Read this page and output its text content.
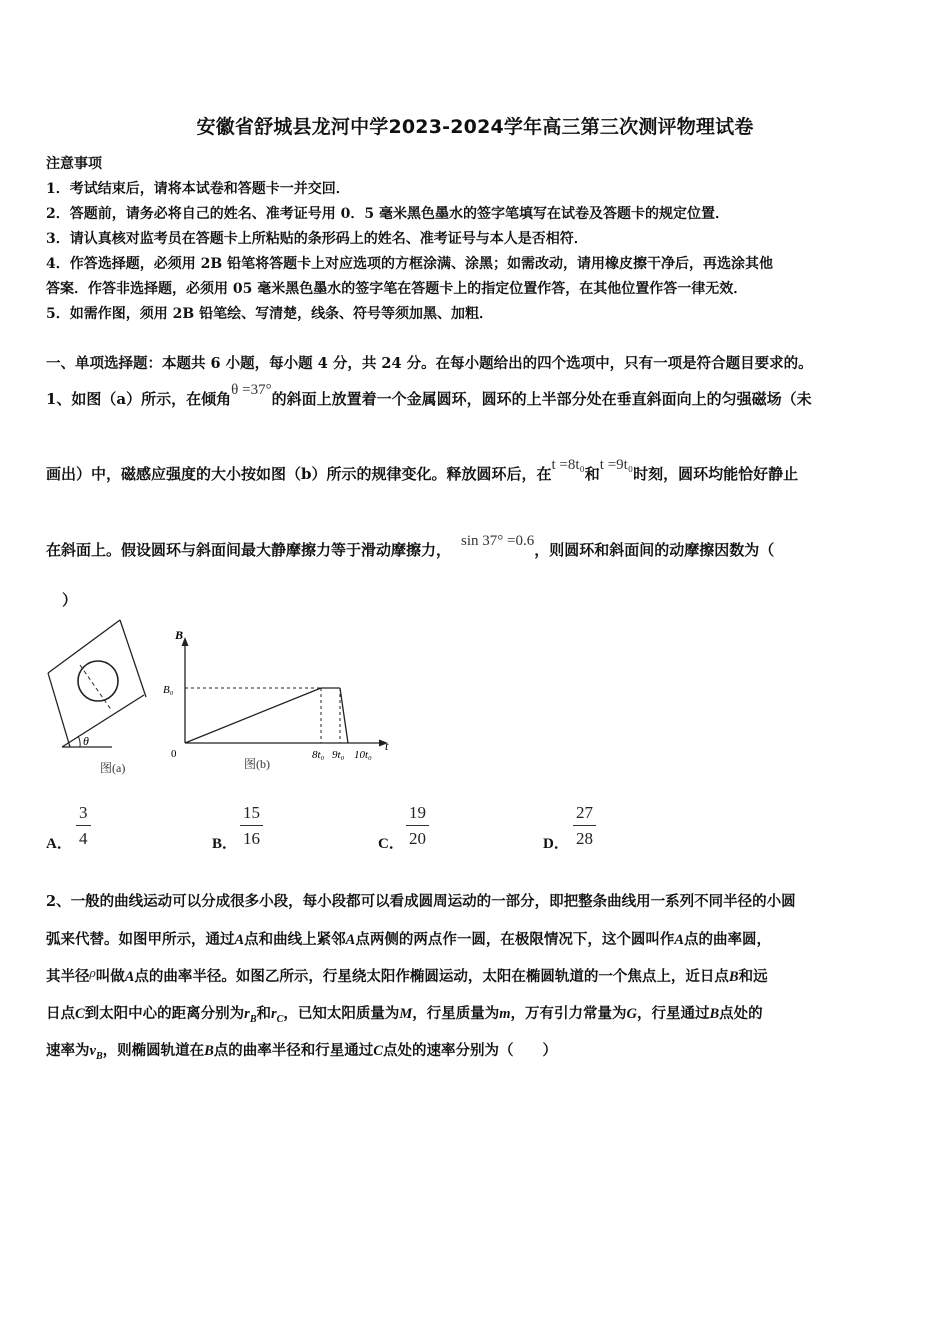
安徽省舒城县龙河中学2023-2024学年高三第三次测评物理试卷
注意事项
1．考试结束后，请将本试卷和答题卡一并交回．
2．答题前，请务必将自己的姓名、准考证号用 0．5 毫米黑色墨水的签字笔填写在试卷及答题卡的规定位置．
3．请认真核对监考员在答题卡上所粘贴的条形码上的姓名、准考证号与本人是否相符．
4．作答选择题，必须用 2B 铅笔将答题卡上对应选项的方框涂满、涂黑；如需改动，请用橡皮擦干净后，再选涂其他
答案．作答非选择题，必须用 05 毫米黑色墨水的签字笔在答题卡上的指定位置作答，在其他位置作答一律无效．
5．如需作图，须用 2B 铅笔绘、写清楚，线条、符号等须加黑、加粗．
一、单项选择题：本题共 6 小题，每小题 4 分，共 24 分。在每小题给出的四个选项中，只有一项是符合题目要求的。
1、如图（a）所示，在倾角θ =37°的斜面上放置着一个金属圆环，圆环的上半部分处在垂直斜面向上的匀强磁场（未
画出）中，磁感应强度的大小按如图（b）所示的规律变化。释放圆环后，在t =8t₀和t =9t₀时刻，圆环均能恰好静止
在斜面上。假设圆环与斜面间最大静摩擦力等于滑动摩擦力， sin 37° =0.6，则圆环和斜面间的动摩擦因数为（
）
θ
图(a)
B
t
B₀
0	8t₀ 9t₀ 10t₀
图(b)
A． $\frac{3}{4}$	B． $\frac{15}{16}$	C． $\frac{19}{20}$	D． $\frac{27}{28}$
2、一般的曲线运动可以分成很多小段，每小段都可以看成圆周运动的一部分，即把整条曲线用一系列不同半径的小圆
弧来代替。如图甲所示，通过A点和曲线上紧邻A点两侧的两点作一圆，在极限情况下，这个圆叫作A点的曲率圆，
其半径ρ叫做A点的曲率半径。如图乙所示，行星绕太阳作椭圆运动，太阳在椭圆轨道的一个焦点上，近日点B和远
日点C到太阳中心的距离分别为$r_B$和$r_C$，已知太阳质量为M，行星质量为m，万有引力常量为G，行星通过B点处的
速率为$v_B$，则椭圆轨道在B点的曲率半径和行星通过C点处的速率分别为（　　）
